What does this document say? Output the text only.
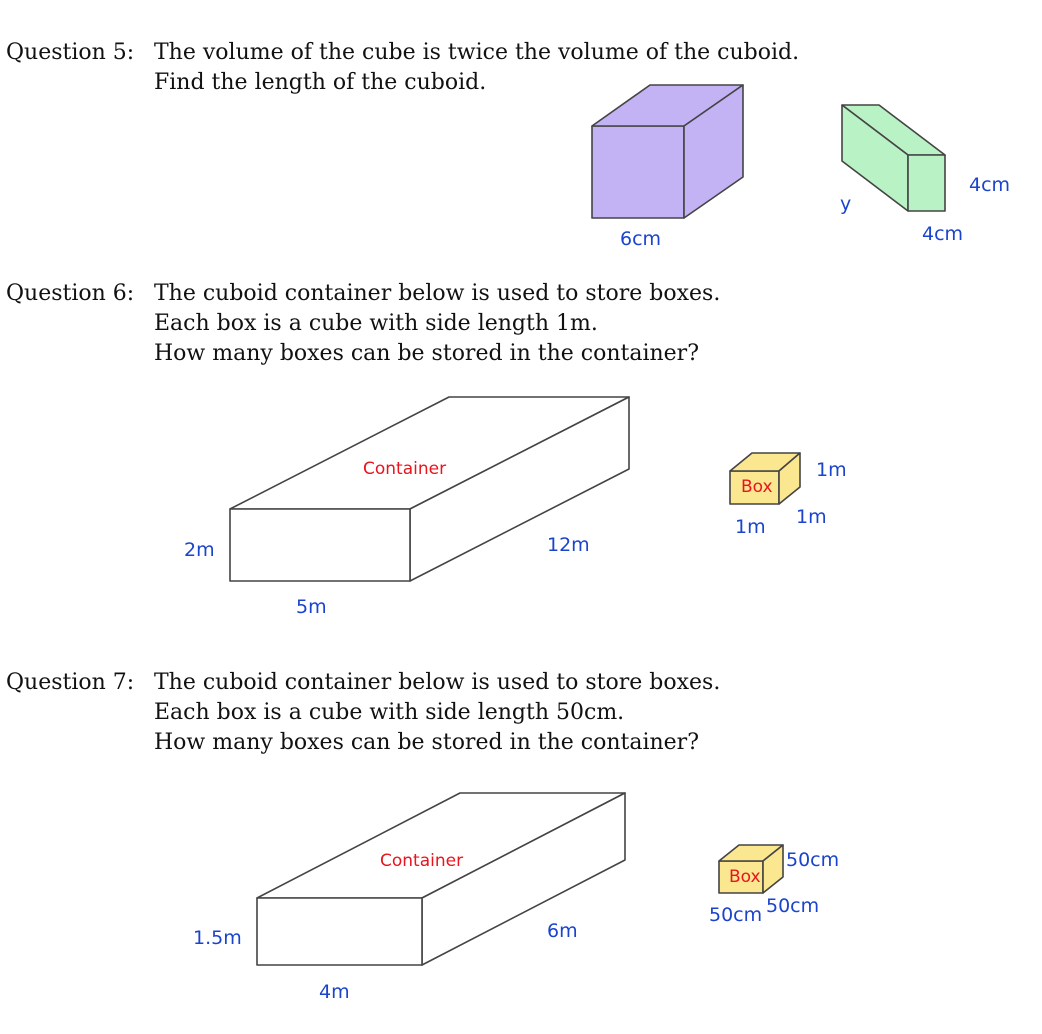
Question 5: The volume of the cube is twice the volume of the cuboid.
Find the length of the cuboid.
Question 6: The cuboid container below is used to store boxes.
Each box is a cube with side length 1m.
How many boxes can be stored in the container?
Question 7: The cuboid container below is used to store boxes.
Each box is a cube with side length 50cm.
How many boxes can be stored in the container?
6cm
4cm
4cm
y
Container
2m
5m
12m
Box
1m
1m
1m
Container
1.5m
4m
6m
Box
50cm
50cm
50cm
